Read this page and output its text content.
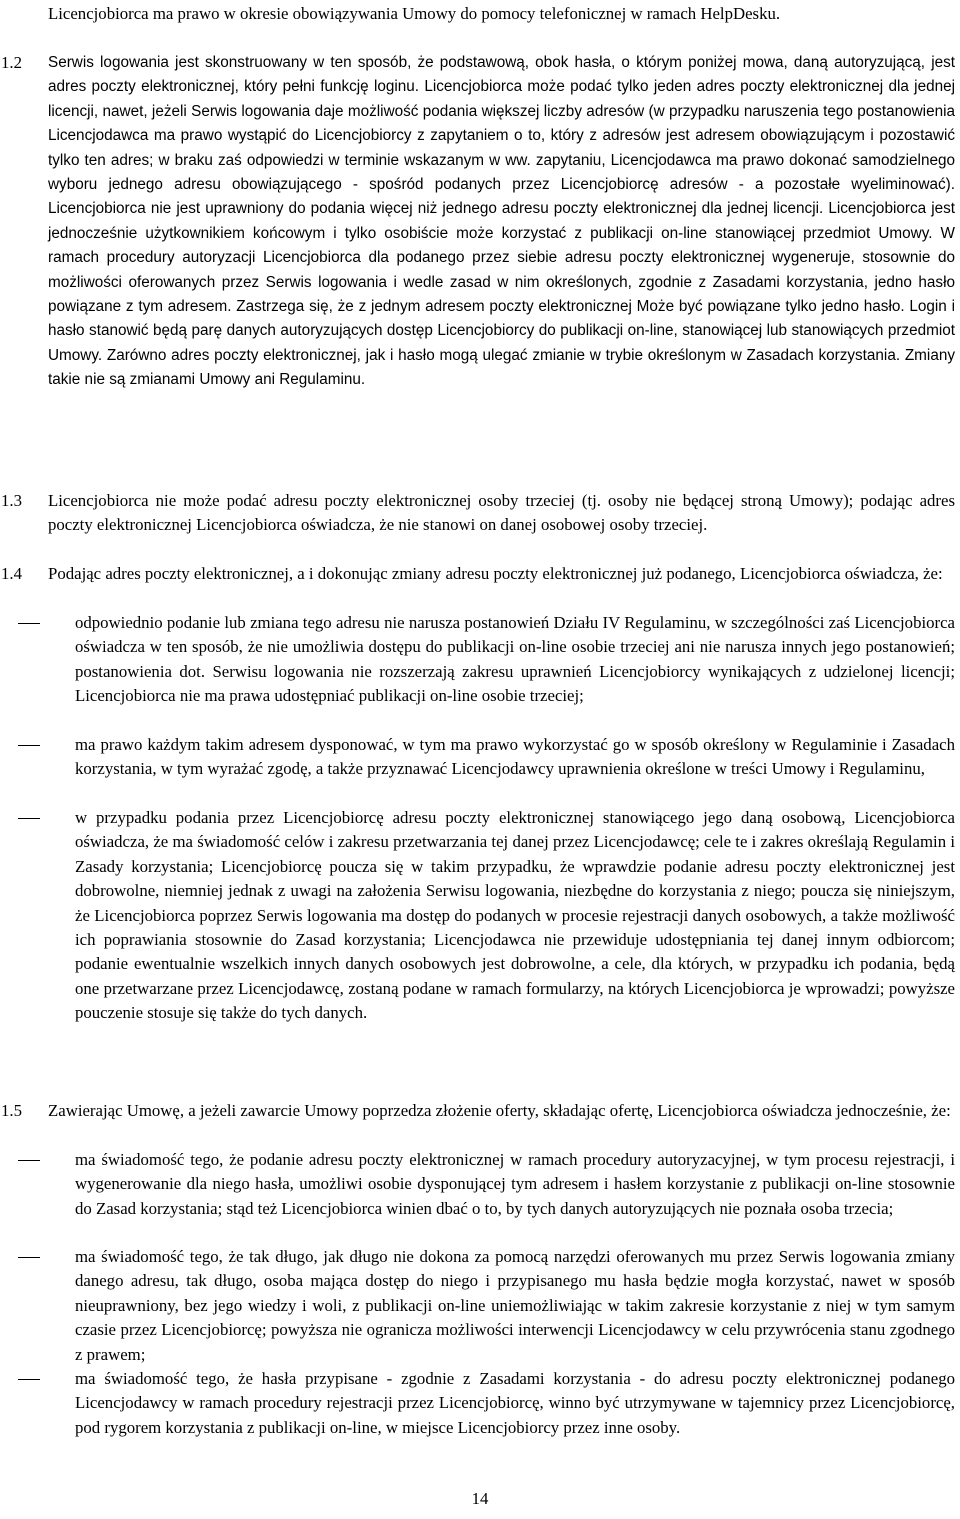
Licencjobiorca ma prawo w okresie obowiązywania Umowy do pomocy telefonicznej w ramach HelpDesku.
1.2 Serwis logowania jest skonstruowany w ten sposób, że podstawową, obok hasła, o którym poniżej mowa, daną autoryzującą, jest adres poczty elektronicznej, który pełni funkcję loginu. Licencjobiorca może podać tylko jeden adres poczty elektronicznej dla jednej licencji, nawet, jeżeli Serwis logowania daje możliwość podania większej liczby adresów (w przypadku naruszenia tego postanowienia Licencjodawca ma prawo wystąpić do Licencjobiorcy z zapytaniem o to, który z adresów jest adresem obowiązującym i pozostawić tylko ten adres; w braku zaś odpowiedzi w terminie wskazanym w ww. zapytaniu, Licencjodawca ma prawo dokonać samodzielnego wyboru jednego adresu obowiązującego - spośród podanych przez Licencjobiorcę adresów - a pozostałe wyeliminować). Licencjobiorca nie jest uprawniony do podania więcej niż jednego adresu poczty elektronicznej dla jednej licencji. Licencjobiorca jest jednocześnie użytkownikiem końcowym i tylko osobiście może korzystać z publikacji on-line stanowiącej przedmiot Umowy. W ramach procedury autoryzacji Licencjobiorca dla podanego przez siebie adresu poczty elektronicznej wygeneruje, stosownie do możliwości oferowanych przez Serwis logowania i wedle zasad w nim określonych, zgodnie z Zasadami korzystania, jedno hasło powiązane z tym adresem. Zastrzega się, że z jednym adresem poczty elektronicznej Może być powiązane tylko jedno hasło. Login i hasło stanowić będą parę danych autoryzujących dostęp Licencjobiorcy do publikacji on-line, stanowiącej lub stanowiących przedmiot Umowy. Zarówno adres poczty elektronicznej, jak i hasło mogą ulegać zmianie w trybie określonym w Zasadach korzystania. Zmiany takie nie są zmianami Umowy ani Regulaminu.
1.3 Licencjobiorca nie może podać adresu poczty elektronicznej osoby trzeciej (tj. osoby nie będącej stroną Umowy); podając adres poczty elektronicznej Licencjobiorca oświadcza, że nie stanowi on danej osobowej osoby trzeciej.
1.4 Podając adres poczty elektronicznej, a i dokonując zmiany adresu poczty elektronicznej już podanego, Licencjobiorca oświadcza, że:
odpowiednio podanie lub zmiana tego adresu nie narusza postanowień Działu IV Regulaminu, w szczególności zaś Licencjobiorca oświadcza w ten sposób, że nie umożliwia dostępu do publikacji on-line osobie trzeciej ani nie narusza innych jego postanowień; postanowienia dot. Serwisu logowania nie rozszerzają zakresu uprawnień Licencjobiorcy wynikających z udzielonej licencji; Licencjobiorca nie ma prawa udostępniać publikacji on-line osobie trzeciej;
ma prawo każdym takim adresem dysponować, w tym ma prawo wykorzystać go w sposób określony w Regulaminie i Zasadach korzystania, w tym wyrażać zgodę, a także przyznawać Licencjodawcy uprawnienia określone w treści Umowy i Regulaminu,
w przypadku podania przez Licencjobiorcę adresu poczty elektronicznej stanowiącego jego daną osobową, Licencjobiorca oświadcza, że ma świadomość celów i zakresu przetwarzania tej danej przez Licencjodawcę; cele te i zakres określają Regulamin i Zasady korzystania; Licencjobiorcę poucza się w takim przypadku, że wprawdzie podanie adresu poczty elektronicznej jest dobrowolne, niemniej jednak z uwagi na założenia Serwisu logowania, niezbędne do korzystania z niego; poucza się niniejszym, że Licencjobiorca poprzez Serwis logowania ma dostęp do podanych w procesie rejestracji danych osobowych, a także możliwość ich poprawiania stosownie do Zasad korzystania; Licencjodawca nie przewiduje udostępniania tej danej innym odbiorcom; podanie ewentualnie wszelkich innych danych osobowych jest dobrowolne, a cele, dla których, w przypadku ich podania, będą one przetwarzane przez Licencjodawcę, zostaną podane w ramach formularzy, na których Licencjobiorca je wprowadzi; powyższe pouczenie stosuje się także do tych danych.
1.5 Zawierając Umowę, a jeżeli zawarcie Umowy poprzedza złożenie oferty, składając ofertę, Licencjobiorca oświadcza jednocześnie, że:
ma świadomość tego, że podanie adresu poczty elektronicznej w ramach procedury autoryzacyjnej, w tym procesu rejestracji, i wygenerowanie dla niego hasła, umożliwi osobie dysponującej tym adresem i hasłem korzystanie z publikacji on-line stosownie do Zasad korzystania; stąd też Licencjobiorca winien dbać o to, by tych danych autoryzujących nie poznała osoba trzecia;
ma świadomość tego, że tak długo, jak długo nie dokona za pomocą narzędzi oferowanych mu przez Serwis logowania zmiany danego adresu, tak długo, osoba mająca dostęp do niego i przypisanego mu hasła będzie mogła korzystać, nawet w sposób nieuprawniony, bez jego wiedzy i woli, z publikacji on-line uniemożliwiając w takim zakresie korzystanie z niej w tym samym czasie przez Licencjobiorcę; powyższa nie ogranicza możliwości interwencji Licencjodawcy w celu przywrócenia stanu zgodnego z prawem;
ma świadomość tego, że hasła przypisane - zgodnie z Zasadami korzystania - do adresu poczty elektronicznej podanego Licencjodawcy w ramach procedury rejestracji przez Licencjobiorcę, winno być utrzymywane w tajemnicy przez Licencjobiorcę, pod rygorem korzystania z publikacji on-line, w miejsce Licencjobiorcy przez inne osoby.
14
